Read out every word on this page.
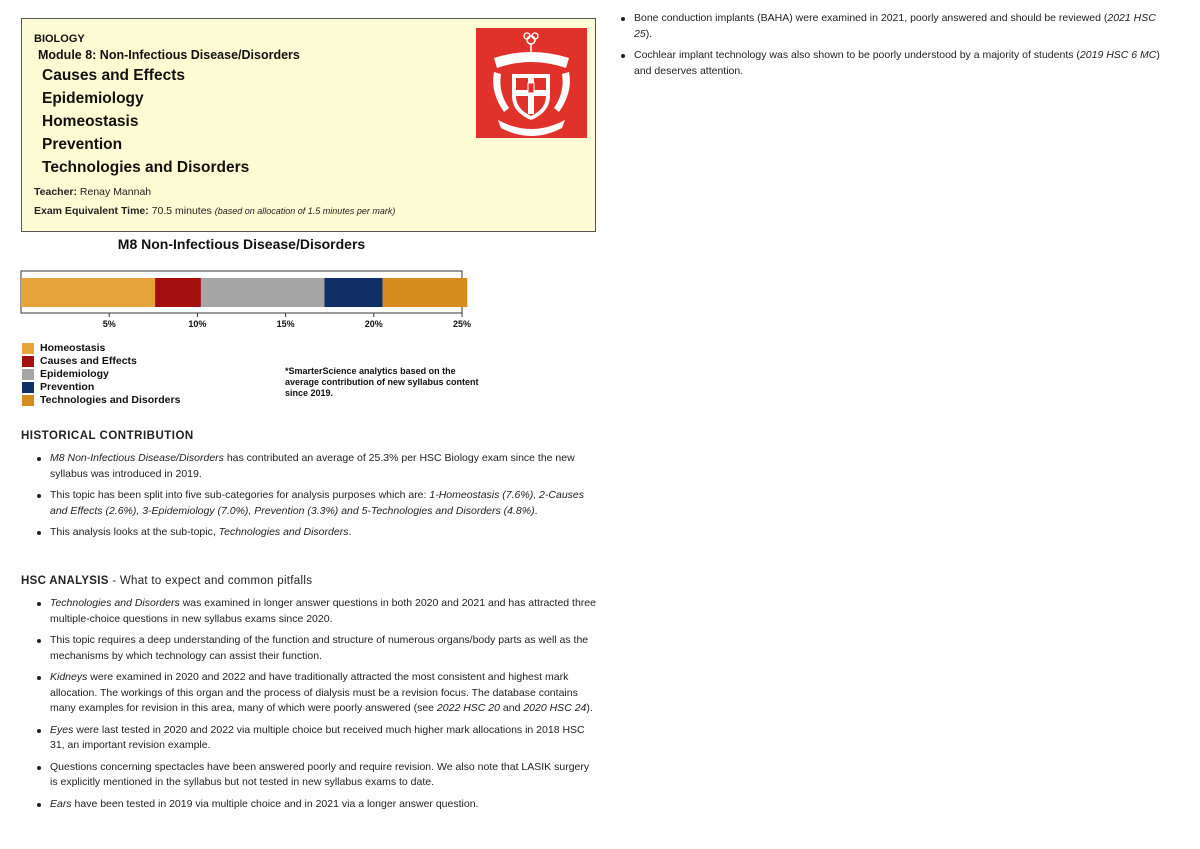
BIOLOGY
Module 8: Non-Infectious Disease/Disorders
Causes and Effects
Epidemiology
Homeostasis
Prevention
Technologies and Disorders
Teacher: Renay Mannah
Exam Equivalent Time: 70.5 minutes (based on allocation of 1.5 minutes per mark)
M8 Non-Infectious Disease/Disorders
5%	10%	15%	20%	25%
Homeostasis
Causes and Effects
Epidemiology
Prevention
Technologies and Disorders
*SmarterScience analytics based on the average contribution of new syllabus content since 2019.
HISTORICAL CONTRIBUTION
M8 Non-Infectious Disease/Disorders has contributed an average of 25.3% per HSC Biology exam since the new syllabus was introduced in 2019.
This topic has been split into five sub-categories for analysis purposes which are: 1-Homeostasis (7.6%), 2-Causes and Effects (2.6%), 3-Epidemiology (7.0%), Prevention (3.3%) and 5-Technologies and Disorders (4.8%).
This analysis looks at the sub-topic, Technologies and Disorders.
HSC ANALYSIS - What to expect and common pitfalls
Technologies and Disorders was examined in longer answer questions in both 2020 and 2021 and has attracted three multiple-choice questions in new syllabus exams since 2020.
This topic requires a deep understanding of the function and structure of numerous organs/body parts as well as the mechanisms by which technology can assist their function.
Kidneys were examined in 2020 and 2022 and have traditionally attracted the most consistent and highest mark allocation. The workings of this organ and the process of dialysis must be a revision focus. The database contains many examples for revision in this area, many of which were poorly answered (see 2022 HSC 20 and 2020 HSC 24).
Eyes were last tested in 2020 and 2022 via multiple choice but received much higher mark allocations in 2018 HSC 31, an important revision example.
Questions concerning spectacles have been answered poorly and require revision. We also note that LASIK surgery is explicitly mentioned in the syllabus but not tested in new syllabus exams to date.
Ears have been tested in 2019 via multiple choice and in 2021 via a longer answer question.
Bone conduction implants (BAHA) were examined in 2021, poorly answered and should be reviewed (2021 HSC 25).
Cochlear implant technology was also shown to be poorly understood by a majority of students (2019 HSC 6 MC) and deserves attention.
